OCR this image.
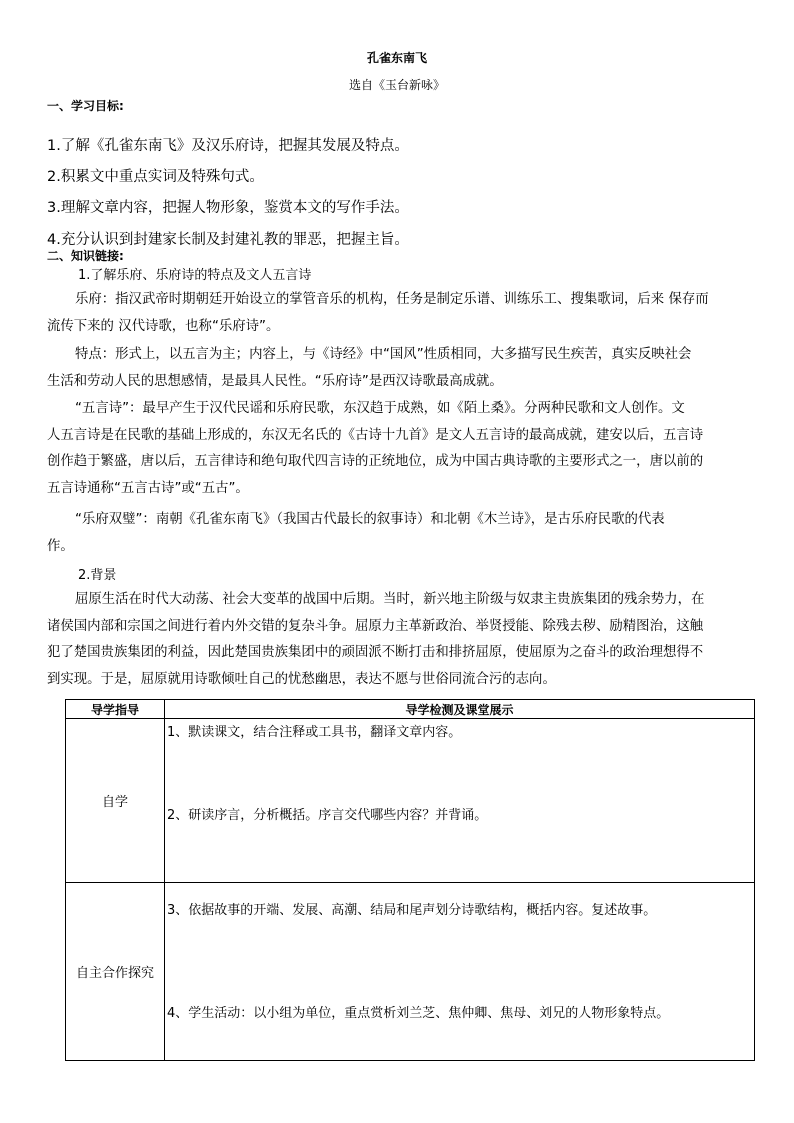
孔雀东南飞
选自《玉台新咏》
一、学习目标:
1.了解《孔雀东南飞》及汉乐府诗，把握其发展及特点。
2.积累文中重点实词及特殊句式。
3.理解文章内容，把握人物形象，鉴赏本文的写作手法。
4.充分认识到封建家长制及封建礼教的罪恶，把握主旨。
二、知识链接:
1.了解乐府、乐府诗的特点及文人五言诗
乐府：指汉武帝时期朝廷开始设立的掌管音乐的机构，任务是制定乐谱、训练乐工、搜集歌词，后来 保存而
流传下来的 汉代诗歌，也称“乐府诗”。
特点：形式上，以五言为主；内容上，与《诗经》中“国风”性质相同，大多描写民生疾苦，真实反映社会
生活和劳动人民的思想感情，是最具人民性。“乐府诗”是西汉诗歌最高成就。
“五言诗”：最早产生于汉代民谣和乐府民歌，东汉趋于成熟，如《陌上桑》。分两种民歌和文人创作。文
人五言诗是在民歌的基础上形成的，东汉无名氏的《古诗十九首》是文人五言诗的最高成就，建安以后，五言诗
创作趋于繁盛，唐以后，五言律诗和绝句取代四言诗的正统地位，成为中国古典诗歌的主要形式之一，唐以前的
五言诗通称“五言古诗”或“五古”。
“乐府双璧”：南朝《孔雀东南飞》（我国古代最长的叙事诗）和北朝《木兰诗》，是古乐府民歌的代表
作。
2.背景
屈原生活在时代大动荡、社会大变革的战国中后期。当时，新兴地主阶级与奴隶主贵族集团的残余势力，在
诸侯国内部和宗国之间进行着内外交错的复杂斗争。屈原力主革新政治、举贤授能、除残去秽、励精图治，这触
犯了楚国贵族集团的利益，因此楚国贵族集团中的顽固派不断打击和排挤屈原，使屈原为之奋斗的政治理想得不
到实现。于是，屈原就用诗歌倾吐自己的忧愁幽思，表达不愿与世俗同流合污的志向。
导学指导	导学检测及课堂展示
自学	1、默读课文，结合注释或工具书，翻译文章内容。
2、研读序言，分析概括。序言交代哪些内容？并背诵。

自主合作探究	3、依据故事的开端、发展、高潮、结局和尾声划分诗歌结构，概括内容。复述故事。
4、学生活动：以小组为单位，重点赏析刘兰芝、焦仲卿、焦母、刘兄的人物形象特点。
